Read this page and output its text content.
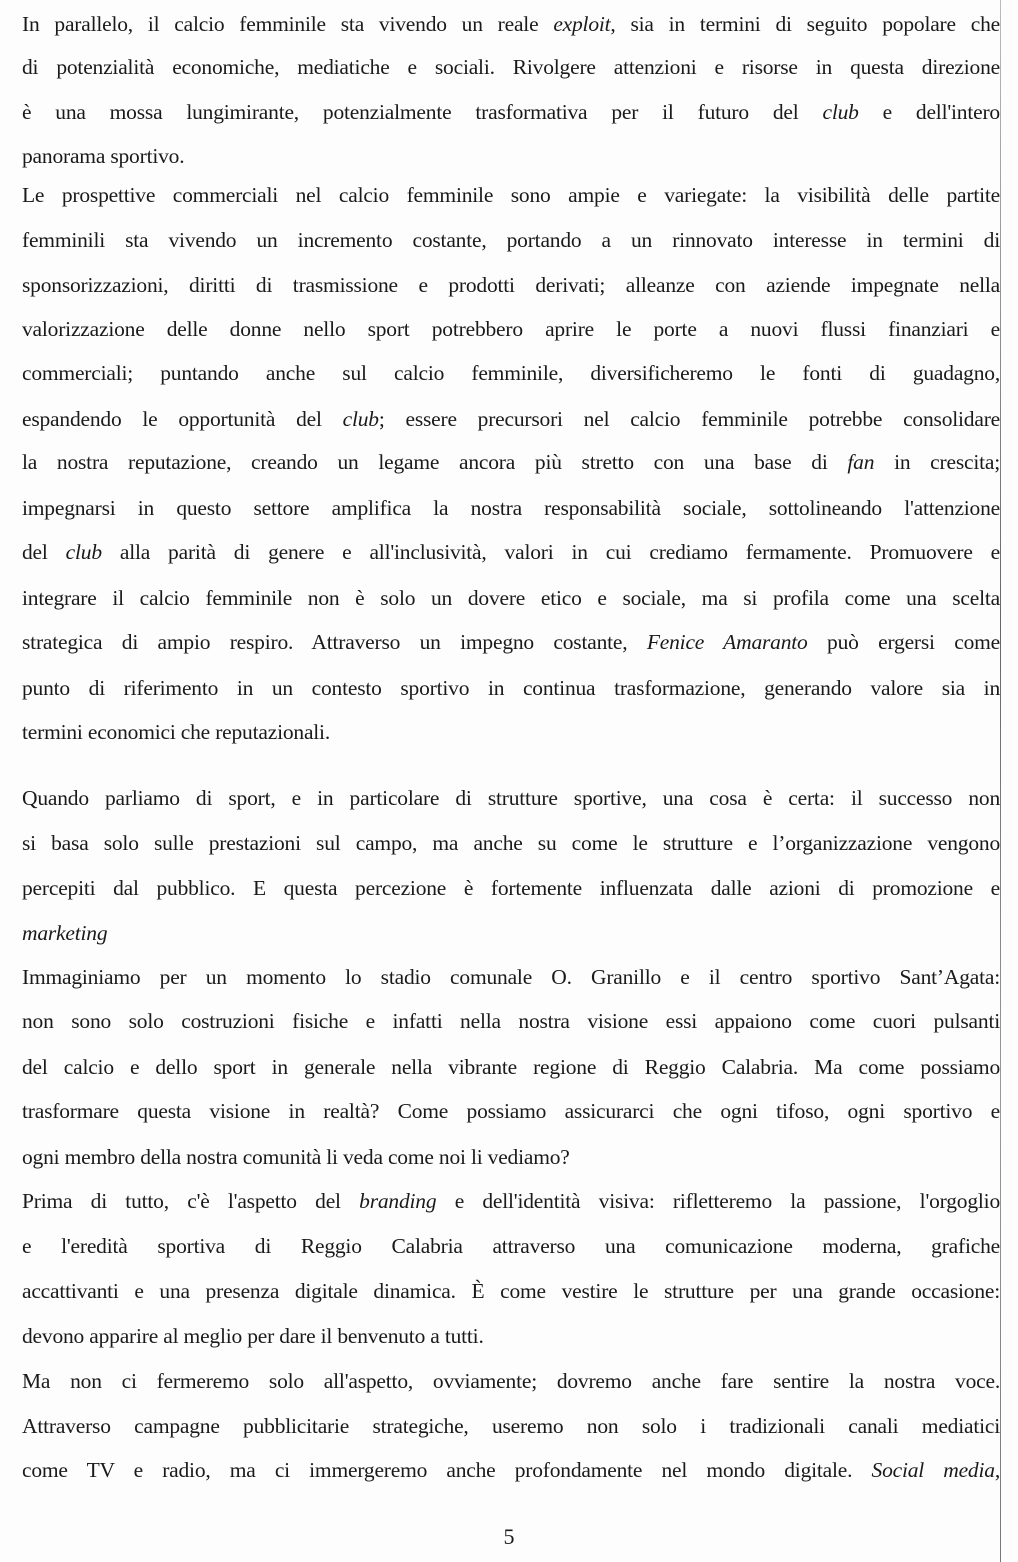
In parallelo, il calcio femminile sta vivendo un reale exploit, sia in termini di seguito popolare che
di potenzialità economiche, mediatiche e sociali. Rivolgere attenzioni e risorse in questa direzione
è una mossa lungimirante, potenzialmente trasformativa per il futuro del club e dell'intero
panorama sportivo.
Le prospettive commerciali nel calcio femminile sono ampie e variegate: la visibilità delle partite
femminili sta vivendo un incremento costante, portando a un rinnovato interesse in termini di
sponsorizzazioni, diritti di trasmissione e prodotti derivati; alleanze con aziende impegnate nella
valorizzazione delle donne nello sport potrebbero aprire le porte a nuovi flussi finanziari e
commerciali; puntando anche sul calcio femminile, diversificheremo le fonti di guadagno,
espandendo le opportunità del club; essere precursori nel calcio femminile potrebbe consolidare
la nostra reputazione, creando un legame ancora più stretto con una base di fan in crescita;
impegnarsi in questo settore amplifica la nostra responsabilità sociale, sottolineando l'attenzione
del club alla parità di genere e all'inclusività, valori in cui crediamo fermamente. Promuovere e
integrare il calcio femminile non è solo un dovere etico e sociale, ma si profila come una scelta
strategica di ampio respiro. Attraverso un impegno costante, Fenice Amaranto può ergersi come
punto di riferimento in un contesto sportivo in continua trasformazione, generando valore sia in
termini economici che reputazionali.
Quando parliamo di sport, e in particolare di strutture sportive, una cosa è certa: il successo non
si basa solo sulle prestazioni sul campo, ma anche su come le strutture e l’organizzazione vengono
percepiti dal pubblico. E questa percezione è fortemente influenzata dalle azioni di promozione e
marketing
Immaginiamo per un momento lo stadio comunale O. Granillo e il centro sportivo Sant’Agata:
non sono solo costruzioni fisiche e infatti nella nostra visione essi appaiono come cuori pulsanti
del calcio e dello sport in generale nella vibrante regione di Reggio Calabria. Ma come possiamo
trasformare questa visione in realtà? Come possiamo assicurarci che ogni tifoso, ogni sportivo e
ogni membro della nostra comunità li veda come noi li vediamo?
Prima di tutto, c'è l'aspetto del branding e dell'identità visiva: rifletteremo la passione, l'orgoglio
e l'eredità sportiva di Reggio Calabria attraverso una comunicazione moderna, grafiche
accattivanti e una presenza digitale dinamica. È come vestire le strutture per una grande occasione:
devono apparire al meglio per dare il benvenuto a tutti.
Ma non ci fermeremo solo all'aspetto, ovviamente; dovremo anche fare sentire la nostra voce.
Attraverso campagne pubblicitarie strategiche, useremo non solo i tradizionali canali mediatici
come TV e radio, ma ci immergeremo anche profondamente nel mondo digitale. Social media,
5
